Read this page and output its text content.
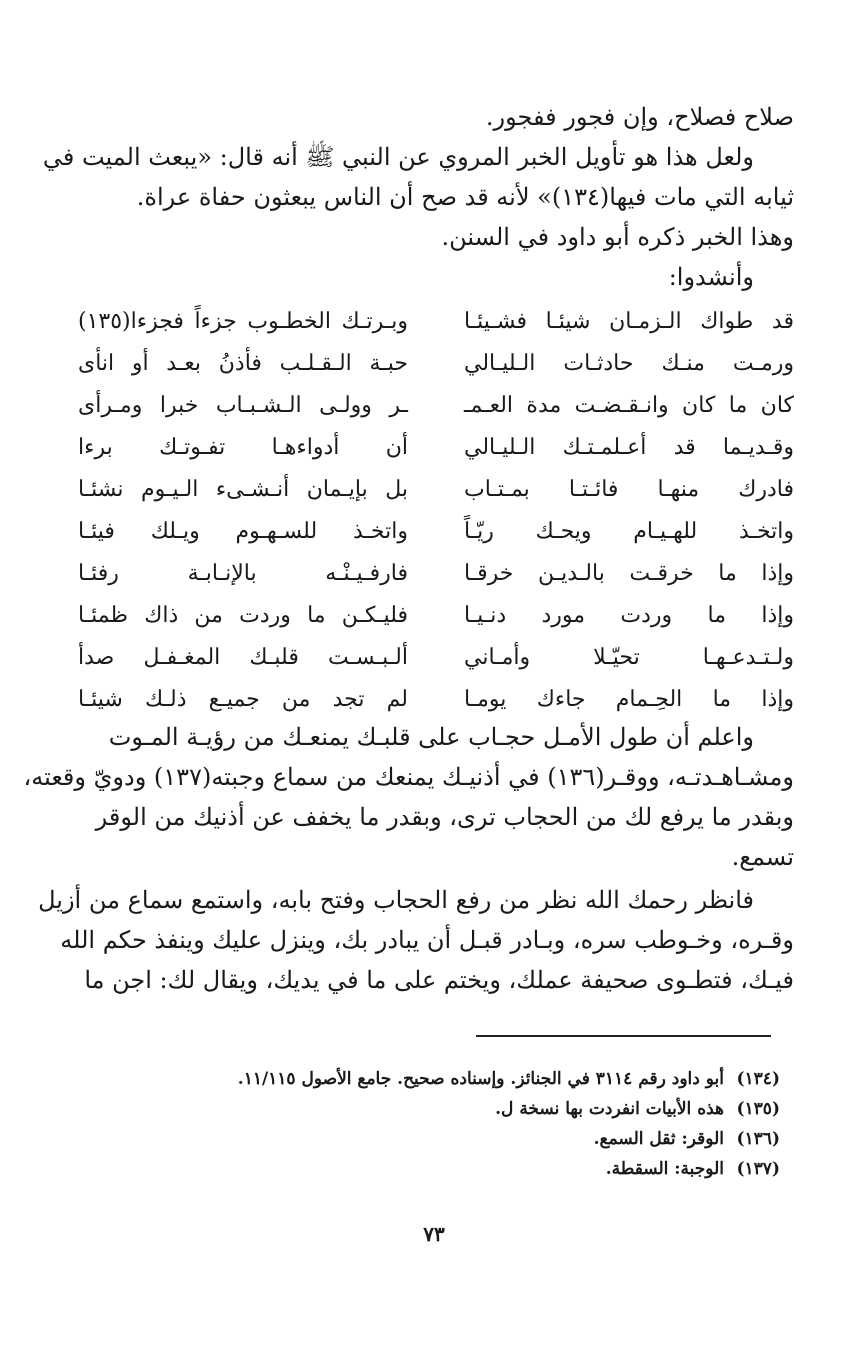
صلاح فصلاح، وإن فجور ففجور.
ولعل هذا هو تأويل الخبر المروي عن النبي ﷺ أنه قال: «يبعث الميت في
ثيابه التي مات فيها(١٣٤)» لأنه قد صح أن الناس يبعثون حفاة عراة.
وهذا الخبر ذكره أبو داود في السنن.
وأنشدوا:
قد طواك الـزمـان شيئـا فشـيئـا
وبـرتـك الخطـوب جزءاً فجزءا(١٣٥)
ورمـت منـك حادثـات الـليـالي
حبـة الـقـلـب فأذنُ بعـد أو انأى
كان ما كان وانـقـضـت مدة العـمـ
ـر وولـى الـشـبـاب خبرا ومـرأى
وقـديـما قد أعـلمـتـك الـليـالي
أن أدواءهـا تفـوتـك برءا
فادرك منهـا فائـتـا بمـتـاب
بل بإيـمان أنـشـىء الـيـوم نشئـا
واتخـذ للهـيـام ويحـك ريّـاً
واتخـذ للسـهـوم ويـلك فيئـا
وإذا ما خرقـت بالـديـن خرقـا
فارفـيـنْـه بالإنـابـة رفئـا
وإذا ما وردت مورد دنـيـا
فليـكـن ما وردت من ذاك ظمئـا
ولـتـدعـهـا تحيّـلا وأمـاني
ألـبـسـت قلبـك المغـفـل صدأ
وإذا ما الحِـمام جاءك يومـا
لم تجد من جميـع ذلـك شيئـا
واعلم أن طول الأمـل حجـاب على قلبـك يمنعـك من رؤيـة المـوت
ومشـاهـدتـه، ووقـر(١٣٦) في أذنيـك يمنعك من سماع وجبته(١٣٧) ودويّ وقعته،
وبقدر ما يرفع لك من الحجاب ترى، وبقدر ما يخفف عن أذنيك من الوقر
تسمع.
فانظر رحمك الله نظر من رفع الحجاب وفتح بابه، واستمع سماع من أزيل
وقـره، وخـوطب سره، وبـادر قبـل أن يبادر بك، وينزل عليك وينفذ حكم الله
فيـك، فتطـوى صحيفة عملك، ويختم على ما في يديك، ويقال لك: اجن ما
(١٣٤)أبو داود رقم ٣١١٤ في الجنائز. وإسناده صحيح. جامع الأصول ١١/١١٥.
(١٣٥)هذه الأبيات انفردت بها نسخة ل.
(١٣٦)الوقر: ثقل السمع.
(١٣٧)الوجبة: السقطة.
٧٣
